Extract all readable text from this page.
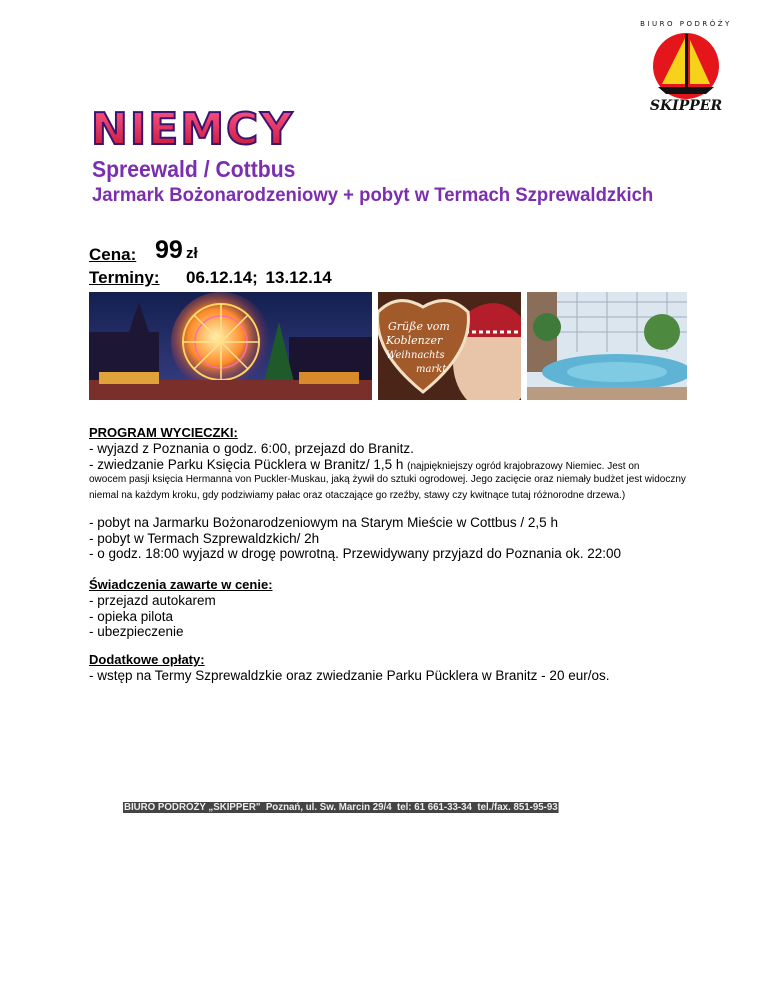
BIURO PODRÓŻY
SKIPPER
NIEMCY
Spreewald / Cottbus
Jarmark Bożonarodzeniowy + pobyt w Termach Szprewaldzkich
Cena: 99 zł
Terminy: 06.12.14; 13.12.14
Grüße vom
Koblenzer
Weihnachts
markt
PROGRAM WYCIECZKI:
- wyjazd z Poznania o godz. 6:00, przejazd do Branitz.
- zwiedzanie Parku Księcia Pücklera w Branitz/ 1,5 h (najpiękniejszy ogród krajobrazowy Niemiec. Jest on
owocem pasji księcia Hermanna von Puckler-Muskau, jaką żywił do sztuki ogrodowej. Jego zacięcie oraz niemały budżet jest widoczny niemal na każdym kroku, gdy podziwiamy pałac oraz otaczające go rzeźby, stawy czy kwitnące tutaj różnorodne drzewa.)
- pobyt na Jarmarku Bożonarodzeniowym na Starym Mieście w Cottbus / 2,5 h
- pobyt w Termach Szprewaldzkich/ 2h
- o godz. 18:00 wyjazd w drogę powrotną. Przewidywany przyjazd do Poznania ok. 22:00
Świadczenia zawarte w cenie:
- przejazd autokarem
- opieka pilota
- ubezpieczenie
Dodatkowe opłaty:
- wstęp na Termy Szprewaldzkie oraz zwiedzanie Parku Pücklera w Branitz - 20 eur/os.
BIURO PODRÓŻY „SKIPPER"  Poznań, ul. Św. Marcin 29/4  tel: 61 661-33-34  tel./fax. 851-95-93
